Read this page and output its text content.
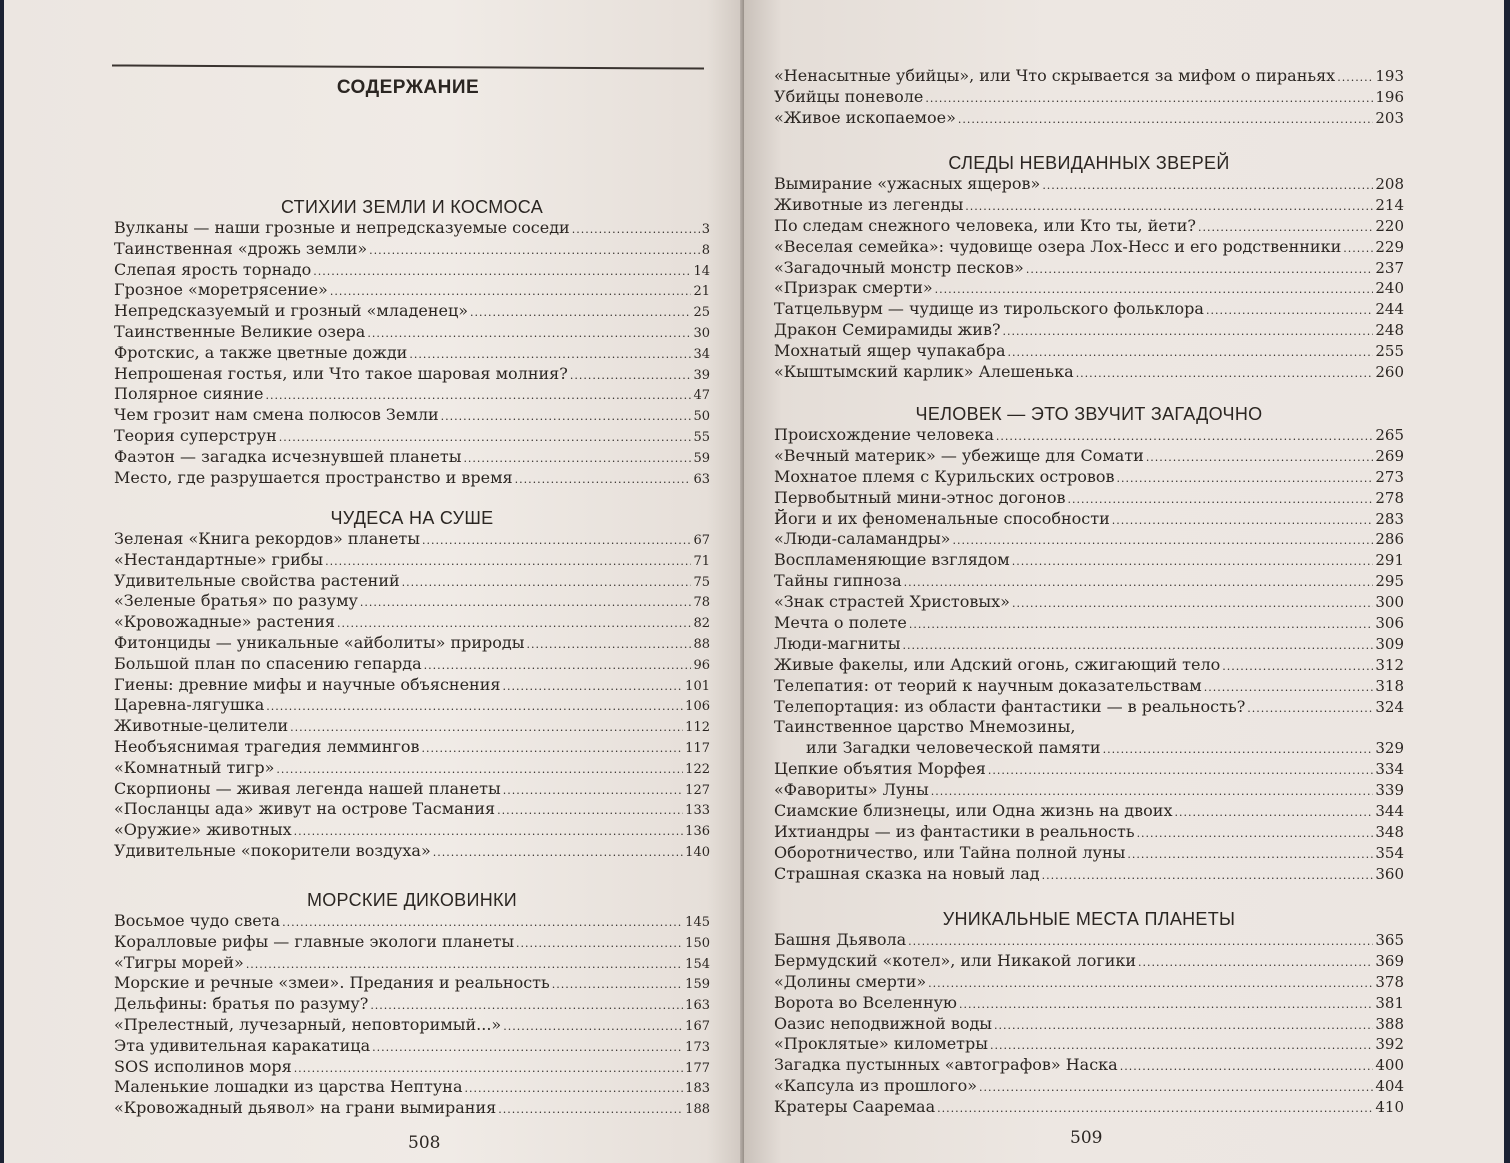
СОДЕРЖАНИЕ
СТИХИИ ЗЕМЛИ И КОСМОСА
Вулканы — наши грозные и непредсказуемые соседи .....	3
Таинственная «дрожь земли» .....	8
Слепая ярость торнадо .....	14
Грозное «моретрясение» .....	21
Непредсказуемый и грозный «младенец» .....	25
Таинственные Великие озера .....	30
Фротскис, а также цветные дожди .....	34
Непрошеная гостья, или Что такое шаровая молния? .....	39
Полярное сияние .....	47
Чем грозит нам смена полюсов Земли .....	50
Теория суперструн .....	55
Фаэтон — загадка исчезнувшей планеты .....	59
Место, где разрушается пространство и время .....	63
ЧУДЕСА НА СУШЕ
Зеленая «Книга рекордов» планеты .....	67
«Нестандартные» грибы .....	71
Удивительные свойства растений .....	75
«Зеленые братья» по разуму .....	78
«Кровожадные» растения .....	82
Фитонциды — уникальные «айболиты» природы .....	88
Большой план по спасению гепарда .....	96
Гиены: древние мифы и научные объяснения .....	101
Царевна-лягушка .....	106
Животные-целители .....	112
Необъяснимая трагедия леммингов .....	117
«Комнатный тигр» .....	122
Скорпионы — живая легенда нашей планеты .....	127
«Посланцы ада» живут на острове Тасмания .....	133
«Оружие» животных .....	136
Удивительные «покорители воздуха» .....	140
МОРСКИЕ ДИКОВИНКИ
Восьмое чудо света .....	145
Коралловые рифы — главные экологи планеты .....	150
«Тигры морей» .....	154
Морские и речные «змеи». Предания и реальность .....	159
Дельфины: братья по разуму? .....	163
«Прелестный, лучезарный, неповторимый...» .....	167
Эта удивительная каракатица .....	173
SOS исполинов моря .....	177
Маленькие лошадки из царства Нептуна .....	183
«Кровожадный дьявол» на грани вымирания .....	188
508
«Ненасытные убийцы», или Что скрывается за мифом о пираньях .....	193
Убийцы поневоле .....	196
«Живое ископаемое» .....	203
СЛЕДЫ НЕВИДАННЫХ ЗВЕРЕЙ
Вымирание «ужасных ящеров» .....	208
Животные из легенды .....	214
По следам снежного человека, или Кто ты, йети? .....	220
«Веселая семейка»: чудовище озера Лох-Несс и его родственники ..... 229
«Загадочный монстр песков» .....	237
«Призрак смерти» .....	240
Татцельвурм — чудище из тирольского фольклора .....	244
Дракон Семирамиды жив? .....	248
Мохнатый ящер чупакабра .....	255
«Кыштымский карлик» Алешенька .....	260
ЧЕЛОВЕК — ЭТО ЗВУЧИТ ЗАГАДОЧНО
Происхождение человека .....	265
«Вечный материк» — убежище для Сомати .....	269
Мохнатое племя с Курильских островов .....	273
Первобытный мини-этнос догонов .....	278
Йоги и их феноменальные способности .....	283
«Люди-саламандры» .....	286
Воспламеняющие взглядом .....	291
Тайны гипноза .....	295
«Знак страстей Христовых» .....	300
Мечта о полете .....	306
Люди-магниты .....	309
Живые факелы, или Адский огонь, сжигающий тело .....	312
Телепатия: от теорий к научным доказательствам .....	318
Телепортация: из области фантастики — в реальность? .....	324
Таинственное царство Мнемозины,
или Загадки человеческой памяти .....	329
Цепкие объятия Морфея .....	334
«Фавориты» Луны .....	339
Сиамские близнецы, или Одна жизнь на двоих .....	344
Ихтиандры — из фантастики в реальность .....	348
Оборотничество, или Тайна полной луны .....	354
Страшная сказка на новый лад .....	360
УНИКАЛЬНЫЕ МЕСТА ПЛАНЕТЫ
Башня Дьявола .....	365
Бермудский «котел», или Никакой логики .....	369
«Долины смерти» .....	378
Ворота во Вселенную .....	381
Оазис неподвижной воды .....	388
«Проклятые» километры .....	392
Загадка пустынных «автографов» Наска .....	400
«Капсула из прошлого» .....	404
Кратеры Сааремаа .....	410
509
